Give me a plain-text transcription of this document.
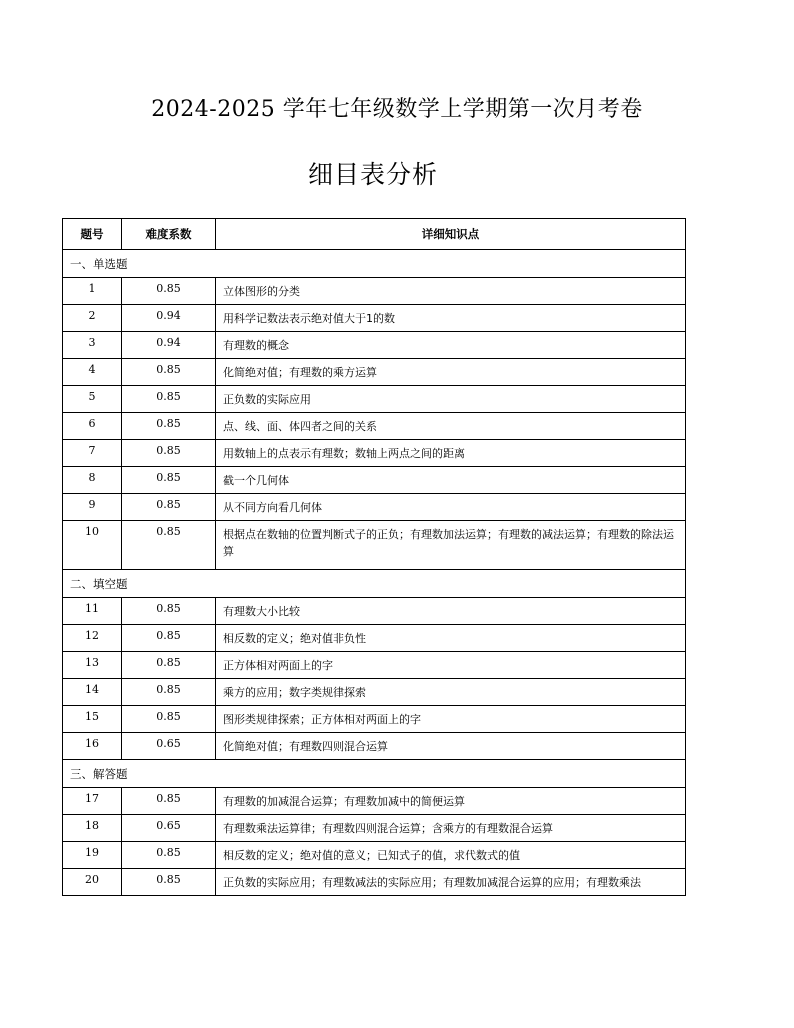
2024-2025 学年七年级数学上学期第一次月考卷
细目表分析
题号	难度系数	详细知识点
一、单选题		
1	0.85	立体图形的分类
2	0.94	用科学记数法表示绝对值大于1的数
3	0.94	有理数的概念
4	0.85	化简绝对值；有理数的乘方运算
5	0.85	正负数的实际应用
6	0.85	点、线、面、体四者之间的关系
7	0.85	用数轴上的点表示有理数；数轴上两点之间的距离
8	0.85	截一个几何体
9	0.85	从不同方向看几何体
10	0.85	根据点在数轴的位置判断式子的正负；有理数加法运算；有理数的减法运算；有理数的除法运算
二、填空题		
11	0.85	有理数大小比较
12	0.85	相反数的定义；绝对值非负性
13	0.85	正方体相对两面上的字
14	0.85	乘方的应用；数字类规律探索
15	0.85	图形类规律探索；正方体相对两面上的字
16	0.65	化简绝对值；有理数四则混合运算
三、解答题		
17	0.85	有理数的加减混合运算；有理数加减中的简便运算
18	0.65	有理数乘法运算律；有理数四则混合运算；含乘方的有理数混合运算
19	0.85	相反数的定义；绝对值的意义；已知式子的值，求代数式的值
20	0.85	正负数的实际应用；有理数减法的实际应用；有理数加减混合运算的应用；有理数乘法
